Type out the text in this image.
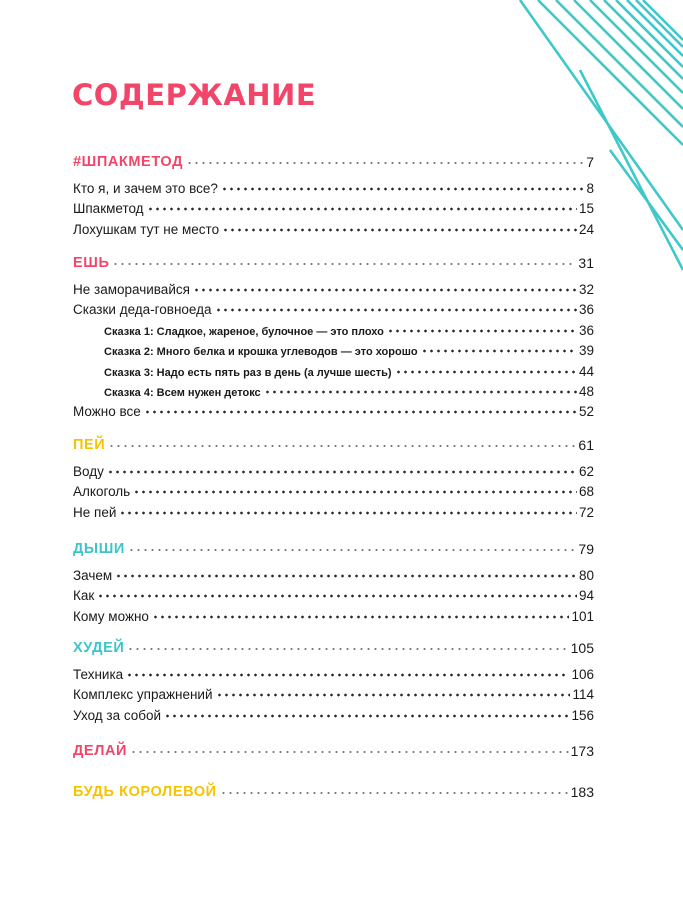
СОДЕРЖАНИЕ
#ШПАКМЕТОД	7
Кто я, и зачем это все?	8
Шпакметод	15
Лохушкам тут не место	24
ЕШЬ	31
Не заморачивайся	32
Сказки деда-говноеда	36
Сказка 1: Сладкое, жареное, булочное — это плохо	36
Сказка 2: Много белка и крошка углеводов — это хорошо	39
Сказка 3: Надо есть пять раз в день (а лучше шесть)	44
Сказка 4: Всем нужен детокс	48
Можно все	52
ПЕЙ	61
Воду	62
Алкоголь	68
Не пей	72
ДЫШИ	79
Зачем	80
Как	94
Кому можно	101
ХУДЕЙ	105
Техника	106
Комплекс упражнений	114
Уход за собой	156
ДЕЛАЙ	173
БУДЬ КОРОЛЕВОЙ	183
